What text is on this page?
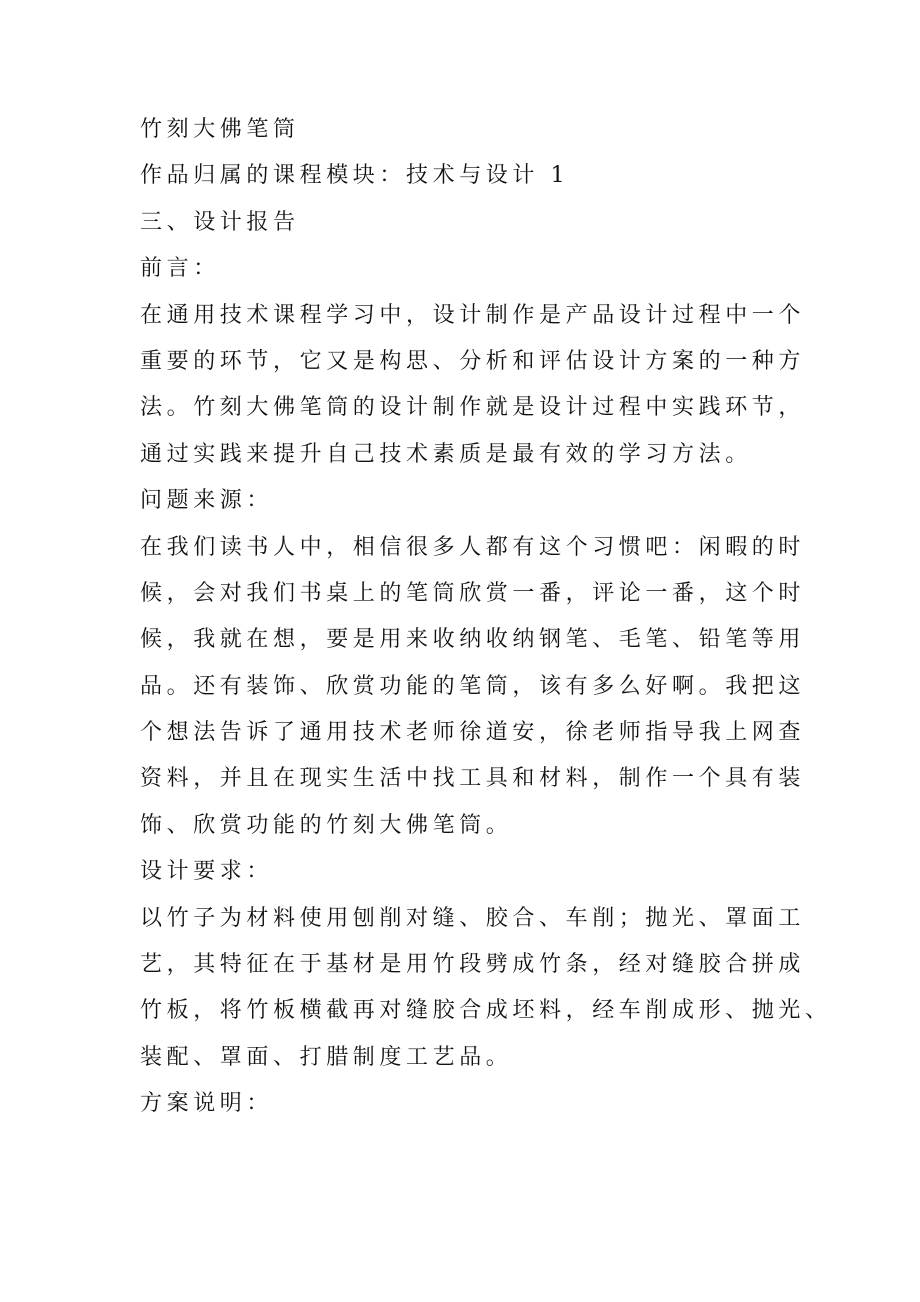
竹刻大佛笔筒
作品归属的课程模块：技术与设计 1
三、设计报告
前言：
在通用技术课程学习中，设计制作是产品设计过程中一个
重要的环节，它又是构思、分析和评估设计方案的一种方
法。竹刻大佛笔筒的设计制作就是设计过程中实践环节，
通过实践来提升自己技术素质是最有效的学习方法。
问题来源：
在我们读书人中，相信很多人都有这个习惯吧：闲暇的时
候，会对我们书桌上的笔筒欣赏一番，评论一番，这个时
候，我就在想，要是用来收纳收纳钢笔、毛笔、铅笔等用
品。还有装饰、欣赏功能的笔筒，该有多么好啊。我把这
个想法告诉了通用技术老师徐道安，徐老师指导我上网查
资料，并且在现实生活中找工具和材料，制作一个具有装
饰、欣赏功能的竹刻大佛笔筒。
设计要求：
以竹子为材料使用刨削对缝、胶合、车削；抛光、罩面工
艺，其特征在于基材是用竹段劈成竹条，经对缝胶合拼成
竹板，将竹板横截再对缝胶合成坯料，经车削成形、抛光、
装配、罩面、打腊制度工艺品。
方案说明：
